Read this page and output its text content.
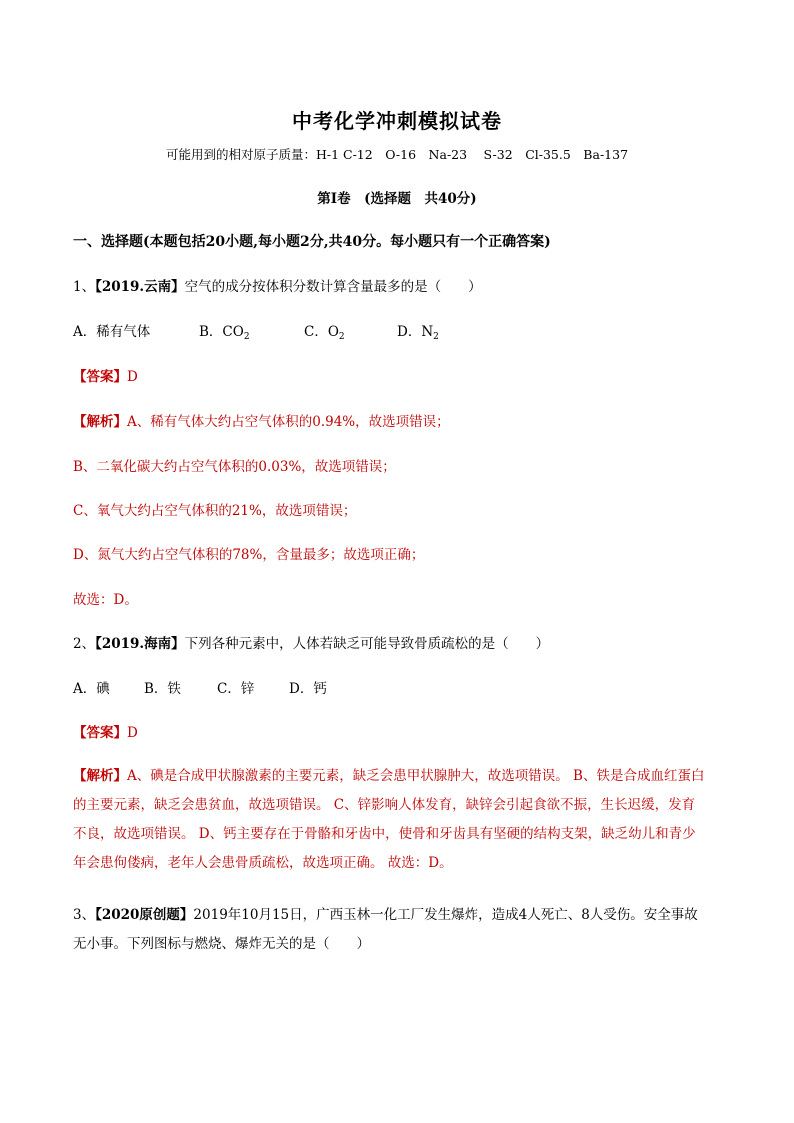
中考化学冲刺模拟试卷
可能用到的相对原子质量：H-1 C-12　O-16　Na-23　 S-32　Cl-35.5　Ba-137
第Ⅰ卷　(选择题　共40分)
一、选择题(本题包括20小题,每小题2分,共40分。每小题只有一个正确答案)
1、【2019.云南】空气的成分按体积分数计算含量最多的是（　　）
A．稀有气体	B．$CO_2$	C．$O_2$	D．$N_2$
【答案】D
【解析】A、稀有气体大约占空气体积的0.94%，故选项错误；
B、二氧化碳大约占空气体积的0.03%，故选项错误；
C、氧气大约占空气体积的21%，故选项错误；
D、氮气大约占空气体积的78%，含量最多；故选项正确；
故选：D。
2、【2019.海南】下列各种元素中，人体若缺乏可能导致骨质疏松的是（　　）
A．碘	B．铁	C．锌	D．钙
【答案】D
【解析】A、碘是合成甲状腺激素的主要元素，缺乏会患甲状腺肿大，故选项错误。 B、铁是合成血红蛋白
的主要元素，缺乏会患贫血，故选项错误。 C、锌影响人体发育，缺锌会引起食欲不振，生长迟缓，发育
不良，故选项错误。 D、钙主要存在于骨骼和牙齿中，使骨和牙齿具有坚硬的结构支架，缺乏幼儿和青少
年会患佝偻病，老年人会患骨质疏松，故选项正确。 故选：D。
3、【2020原创题】2019年10月15日，广西玉林一化工厂发生爆炸，造成4人死亡、8人受伤。安全事故
无小事。下列图标与燃烧、爆炸无关的是（　　）
